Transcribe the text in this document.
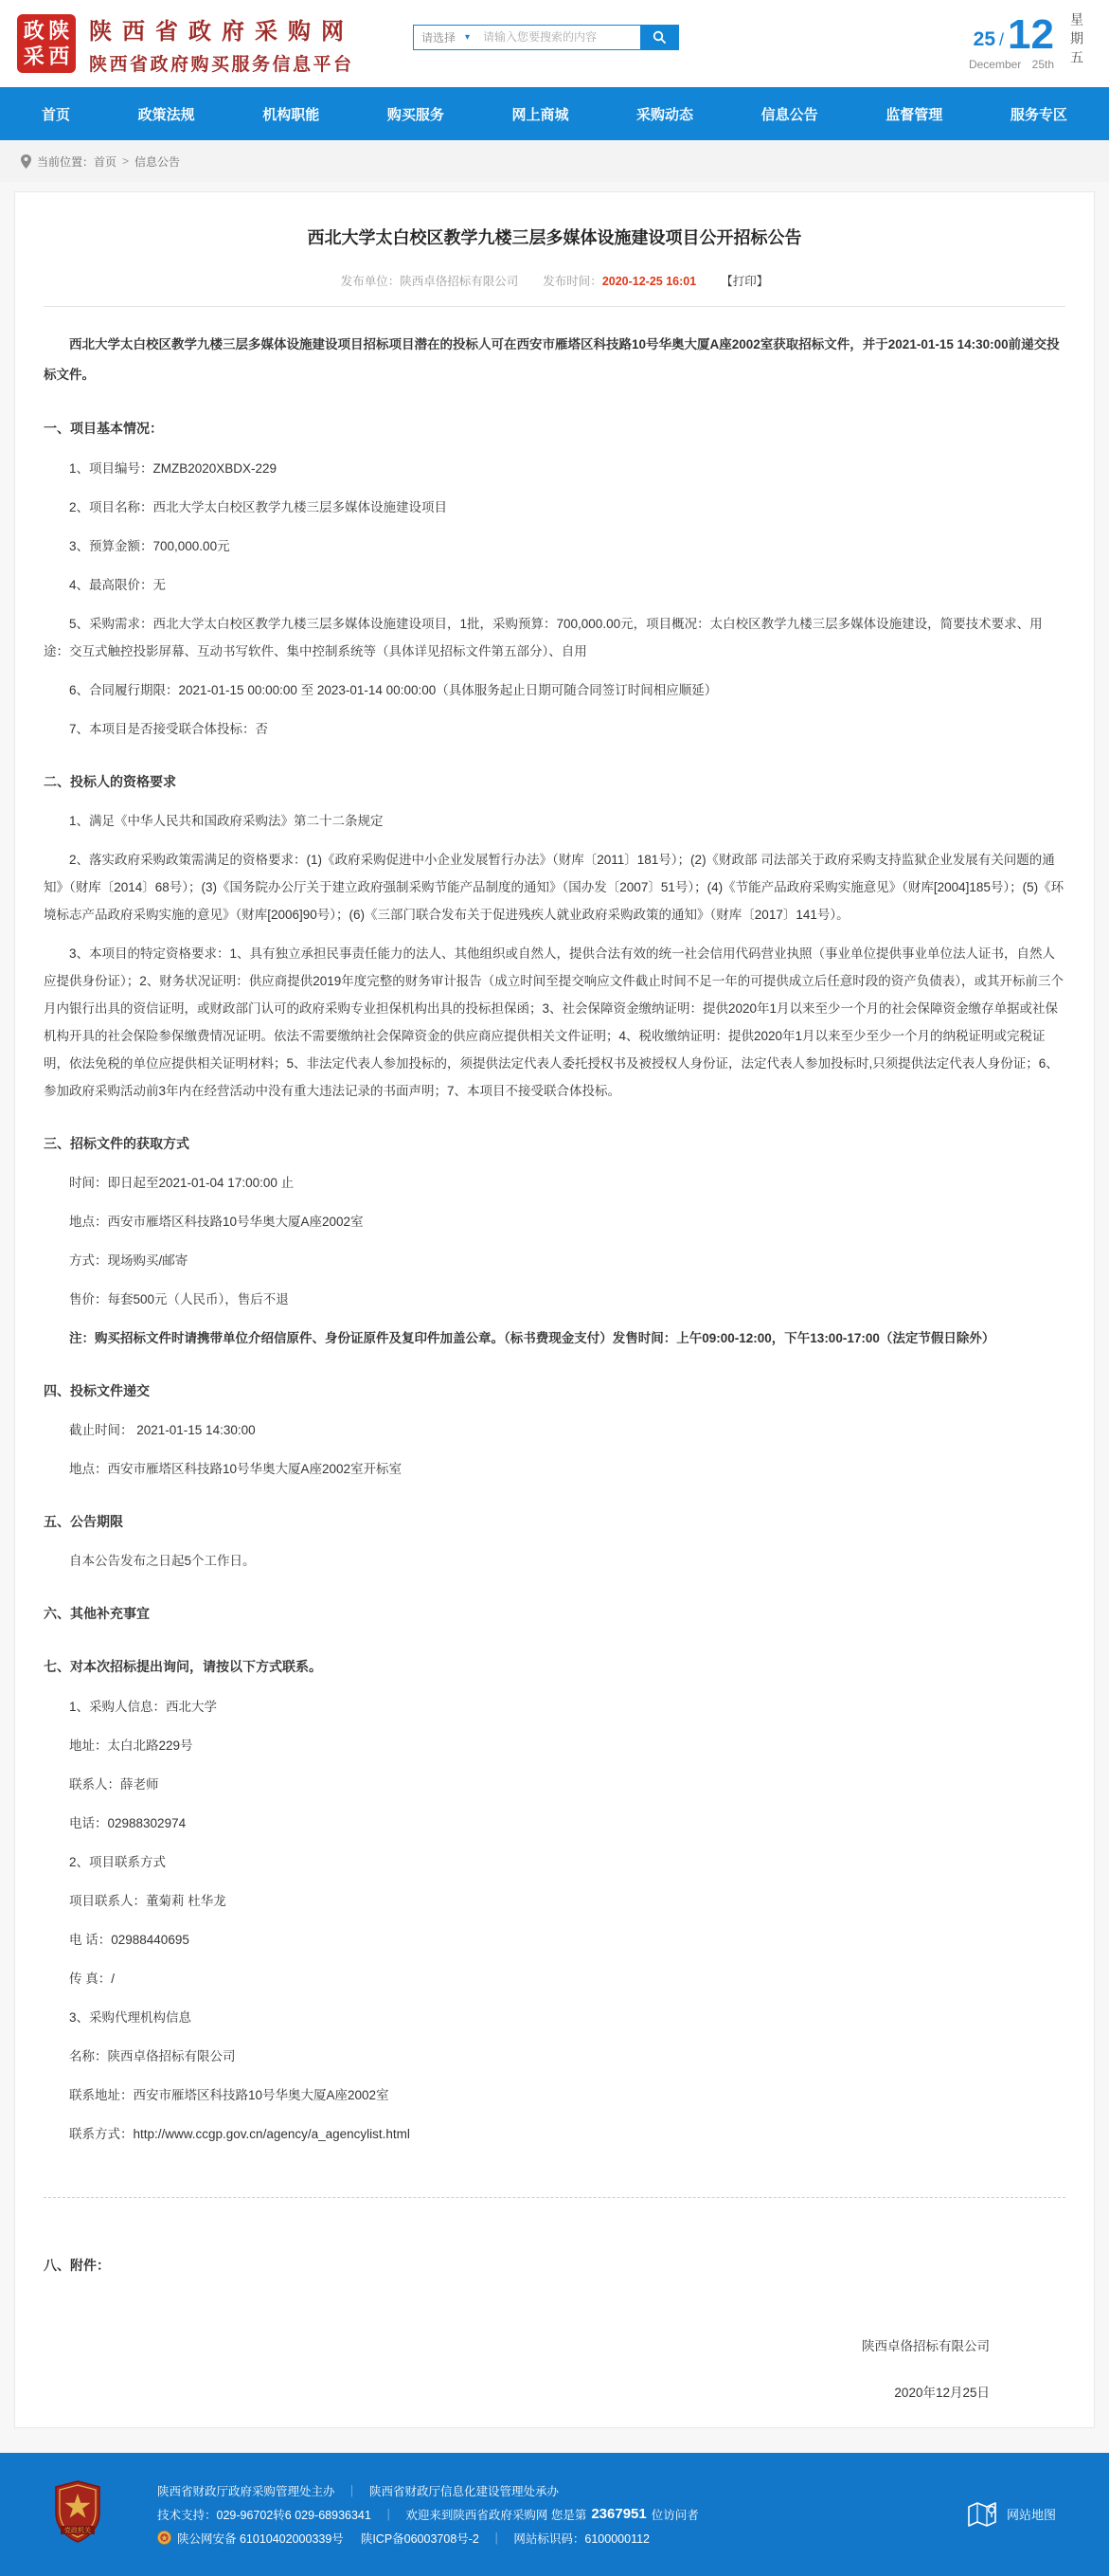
政 陕
采 西
陕西省政府采购网
陕西省政府购买服务信息平台
请选择 ▾
请输入您要搜索的内容	25 / 12
December 25th 星期五
首页	政策法规	机构职能	购买服务	网上商城	采购动态	信息公告	监督管理	服务专区
当前位置： 首页 > 信息公告
西北大学太白校区教学九楼三层多媒体设施建设项目公开招标公告
发布单位：陕西卓佫招标有限公司 发布时间：2020-12-25 16:01 【打印】

西北大学太白校区教学九楼三层多媒体设施建设项目招标项目潜在的投标人可在西安市雁塔区科技路10号华奥大厦A座2002室获取招标文件，并于2021-01-15 14:30:00前递交投标文件。

一、项目基本情况：

1、项目编号：ZMZB2020XBDX-229

2、项目名称：西北大学太白校区教学九楼三层多媒体设施建设项目

3、预算金额：700,000.00元

4、最高限价：无

5、采购需求：西北大学太白校区教学九楼三层多媒体设施建设项目，1批，采购预算：700,000.00元，项目概况：太白校区教学九楼三层多媒体设施建设，简要技术要求、用途：交互式触控投影屏幕、互动书写软件、集中控制系统等（具体详见招标文件第五部分）、自用

6、合同履行期限：2021-01-15 00:00:00 至 2023-01-14 00:00:00（具体服务起止日期可随合同签订时间相应顺延）

7、本项目是否接受联合体投标：否

二、投标人的资格要求

1、满足《中华人民共和国政府采购法》第二十二条规定

2、落实政府采购政策需满足的资格要求：(1)《政府采购促进中小企业发展暂行办法》（财库〔2011〕181号）；(2)《财政部 司法部关于政府采购支持监狱企业发展有关问题的通知》（财库〔2014〕68号）；(3)《国务院办公厅关于建立政府强制采购节能产品制度的通知》（国办发〔2007〕51号）；(4)《节能产品政府采购实施意见》（财库[2004]185号）；(5)《环境标志产品政府采购实施的意见》（财库[2006]90号）；(6)《三部门联合发布关于促进残疾人就业政府采购政策的通知》（财库〔2017〕141号）。

3、本项目的特定资格要求：1、具有独立承担民事责任能力的法人、其他组织或自然人，提供合法有效的统一社会信用代码营业执照（事业单位提供事业单位法人证书，自然人应提供身份证）；2、财务状况证明：供应商提供2019年度完整的财务审计报告（成立时间至提交响应文件截止时间不足一年的可提供成立后任意时段的资产负债表），或其开标前三个月内银行出具的资信证明，或财政部门认可的政府采购专业担保机构出具的投标担保函；3、社会保障资金缴纳证明：提供2020年1月以来至少一个月的社会保障资金缴存单据或社保机构开具的社会保险参保缴费情况证明。依法不需要缴纳社会保障资金的供应商应提供相关文件证明；4、税收缴纳证明：提供2020年1月以来至少至少一个月的纳税证明或完税证明，依法免税的单位应提供相关证明材料；5、非法定代表人参加投标的，须提供法定代表人委托授权书及被授权人身份证，法定代表人参加投标时,只须提供法定代表人身份证；6、参加政府采购活动前3年内在经营活动中没有重大违法记录的书面声明；7、本项目不接受联合体投标。

三、招标文件的获取方式

时间：即日起至2021-01-04 17:00:00 止

地点：西安市雁塔区科技路10号华奥大厦A座2002室

方式：现场购买/邮寄

售价：每套500元（人民币），售后不退

注：购买招标文件时请携带单位介绍信原件、身份证原件及复印件加盖公章。（标书费现金支付）发售时间：上午09:00-12:00，下午13:00-17:00（法定节假日除外）

四、投标文件递交

截止时间： 2021-01-15 14:30:00

地点：西安市雁塔区科技路10号华奥大厦A座2002室开标室

五、公告期限

自本公告发布之日起5个工作日。

六、其他补充事宜

七、对本次招标提出询问，请按以下方式联系。

1、采购人信息：西北大学

地址：太白北路229号

联系人：薛老师

电话：02988302974

2、项目联系方式

项目联系人：董菊莉 杜华龙

电 话：02988440695

传 真：/

3、采购代理机构信息

名称：陕西卓佫招标有限公司

联系地址：西安市雁塔区科技路10号华奥大厦A座2002室

联系方式：http://www.ccgp.gov.cn/agency/a_agencylist.html

八、附件：

陕西卓佫招标有限公司
2020年12月25日
党政机关
陕西省财政厅政府采购管理处主办 ｜ 陕西省财政厅信息化建设管理处承办
技术支持：029-96702转6 029-68936341 ｜ 欢迎来到陕西省政府采购网 您是第 2367951 位访问者
陕公网安备 61010402000339号 陕ICP备06003708号-2 ｜ 网站标识码：6100000112
网站地图
